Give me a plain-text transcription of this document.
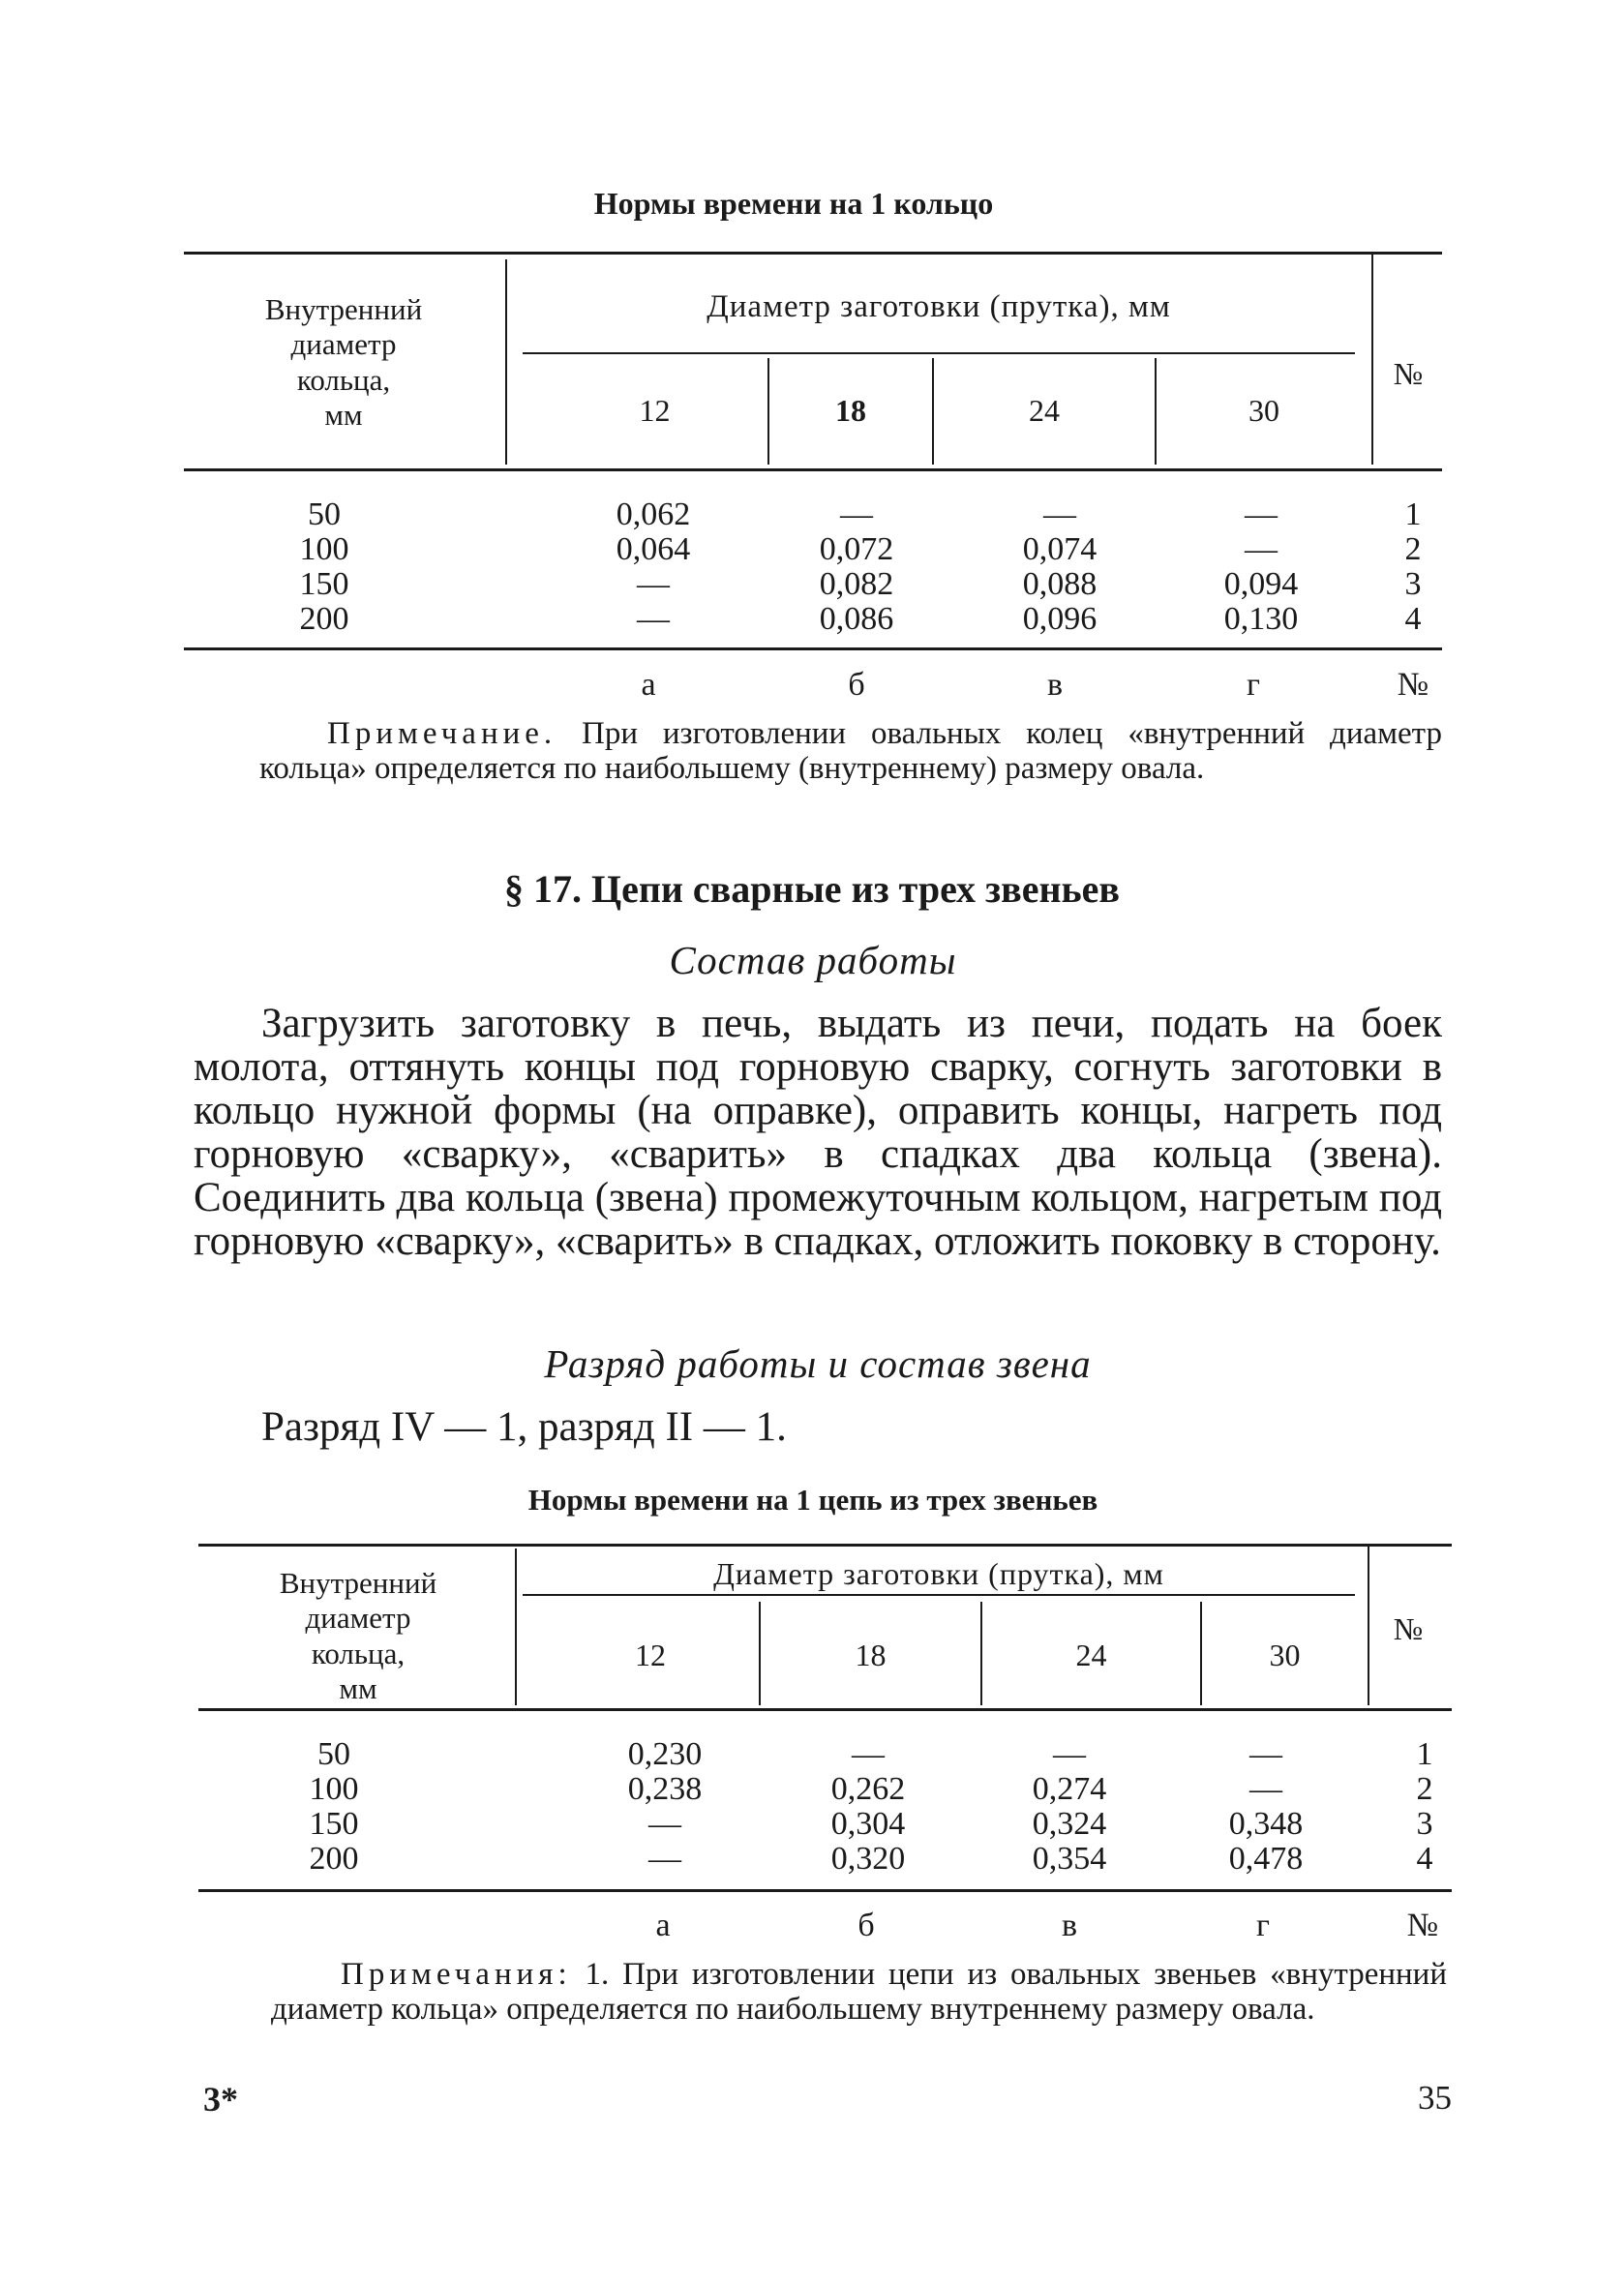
Нормы времени на 1 кольцо
Внутренний
диаметр
кольца,
мм
Диаметр заготовки (прутка), мм
№
12	18	24	30
50	0,062	—	—	—	1
100	0,064	0,072	0,074	—	2
150	—	0,082	0,088	0,094	3
200	—	0,086	0,096	0,130	4
а	б	в	г	№
Примечание. При изготовлении овальных колец «внутренний диаметр кольца» определяется по наибольшему (внутреннему) размеру овала.
§ 17. Цепи сварные из трех звеньев
Состав работы
Загрузить заготовку в печь, выдать из печи, подать на боек молота, оттянуть концы под горновую сварку, согнуть заготовки в кольцо нужной формы (на оправке), оправить концы, нагреть под горновую «сварку», «сварить» в спадках два кольца (звена). Соединить два кольца (звена) промежуточным кольцом, нагретым под горновую «сварку», «сварить» в спадках, отложить поковку в сторону.
Разряд работы и состав звена
Разряд IV — 1, разряд II — 1.
Нормы времени на 1 цепь из трех звеньев
Внутренний
диаметр
кольца,
мм
Диаметр заготовки (прутка), мм
№
12	18	24	30
50	0,230	—	—	—	1
100	0,238	0,262	0,274	—	2
150	—	0,304	0,324	0,348	3
200	—	0,320	0,354	0,478	4
а	б	в	г	№
Примечания: 1. При изготовлении цепи из овальных звеньев «внутренний диаметр кольца» определяется по наибольшему внутреннему размеру овала.
3*	35
